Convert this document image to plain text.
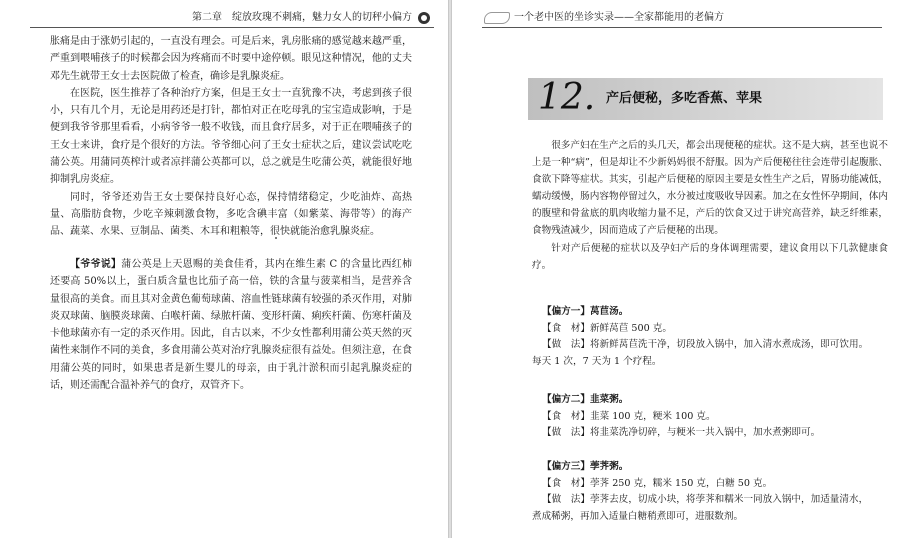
第二章　绽放玫瑰不刺痛，魅力女人的切秤小偏方

胀痛是由于涨奶引起的，一直没有理会。可是后来，乳房胀痛的感觉越来越严重，严重到喂哺孩子的时候都会因为疼痛而不时要中途停顿。眼见这种情况，他的丈夫邓先生就带王女士去医院做了检查，确诊是乳腺炎症。

在医院，医生推荐了各种治疗方案，但是王女士一直犹豫不决，考虑到孩子很小，只有几个月，无论是用药还是打针，都怕对正在吃母乳的宝宝造成影响，于是便到我爷爷那里看看，小病爷爷一般不收钱，而且食疗居多，对于正在喂哺孩子的王女士来讲，食疗是个很好的方法。爷爷细心问了王女士症状之后，建议尝试吃吃蒲公英。用蒲同英榨汁或者凉拌蒲公英都可以，总之就是生吃蒲公英，就能很好地抑制乳房炎症。

同时，爷爷还劝告王女士要保持良好心态，保持情绪稳定，少吃油炸、高热量、高脂肪食物，少吃辛辣刺激食物，多吃含碘丰富（如紫菜、海带等）的海产品、蔬菜、水果、豆制品、菌类、木耳和粗粮等，很快就能治愈乳腺炎症。

【爷爷说】蒲公英是上天恩赐的美食佳肴，其内在维生素 C 的含量比西红柿还要高 50%以上，蛋白质含量也比茄子高一倍，铁的含量与菠菜相当，是营养含量很高的美食。而且其对金黄色葡萄球菌、溶血性链球菌有较强的杀灭作用，对肺炎双球菌、脑膜炎球菌、白喉杆菌、绿脓杆菌、变形杆菌、痢疾杆菌、伤寒杆菌及卡他球菌亦有一定的杀灭作用。因此，自古以来，不少女性都利用蒲公英天然的灭菌性来制作不同的美食，多食用蒲公英对治疗乳腺炎症很有益处。但须注意，在食用蒲公英的同时，如果患者是新生婴儿的母亲，由于乳汁淤积而引起乳腺炎症的话，则还需配合温补养气的食疗，双管齐下。

一个老中医的坐诊实录——全家都能用的老偏方
12. 产后便秘，多吃香蕉、苹果

很多产妇在生产之后的头几天，都会出现便秘的症状。这不是大病，甚至也说不上是一种“病”，但是却让不少新妈妈很不舒服。因为产后便秘往往会连带引起腹胀、食欲下降等症状。其实，引起产后便秘的原因主要是女性生产之后，胃肠功能减低，蠕动缓慢，肠内容物停留过久，水分被过度吸收导因素。加之在女性怀孕期间，体内的腹壁和骨盆底的肌肉收缩力量不足，产后的饮食又过于讲究高营养，缺乏纤维素，食物残渣减少，因而造成了产后便秘的出现。

针对产后便秘的症状以及孕妇产后的身体调理需要，建议食用以下几款健康食疗。

【偏方一】莴苣汤。

【食　材】新鲜莴苣 500 克。

【做　法】将新鲜莴苣洗干净，切段放入锅中，加入清水煮成汤，即可饮用。

每天 1 次，7 天为 1 个疗程。

【偏方二】韭菜粥。

【食　材】韭菜 100 克，粳米 100 克。

【做　法】将韭菜洗净切碎，与粳米一共入锅中，加水煮粥即可。

【偏方三】荸荠粥。

【食　材】荸荠 250 克，糯米 150 克，白糖 50 克。

【做　法】荸荠去皮，切成小块，将荸荠和糯米一同放入锅中，加适量清水，

煮成稀粥，再加入适量白糖稍煮即可，进服数剂。
